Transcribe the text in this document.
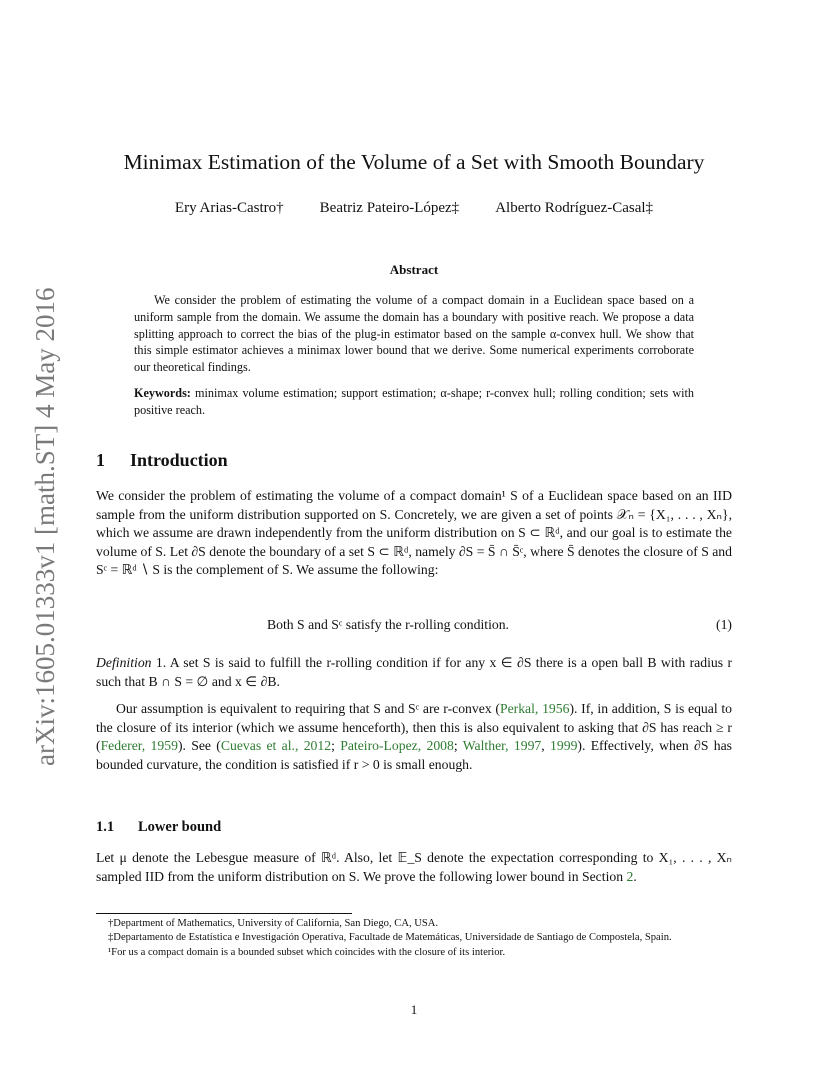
arXiv:1605.01333v1 [math.ST] 4 May 2016
Minimax Estimation of the Volume of a Set with Smooth Boundary
Ery Arias-Castro† Beatriz Pateiro-López‡ Alberto Rodríguez-Casal‡
Abstract
We consider the problem of estimating the volume of a compact domain in a Euclidean space based on a uniform sample from the domain. We assume the domain has a boundary with positive reach. We propose a data splitting approach to correct the bias of the plug-in estimator based on the sample α-convex hull. We show that this simple estimator achieves a minimax lower bound that we derive. Some numerical experiments corroborate our theoretical findings.
Keywords: minimax volume estimation; support estimation; α-shape; r-convex hull; rolling condition; sets with positive reach.
1 Introduction
We consider the problem of estimating the volume of a compact domain¹ S of a Euclidean space based on an IID sample from the uniform distribution supported on S. Concretely, we are given a set of points 𝒳ₙ = {X₁, . . . , Xₙ}, which we assume are drawn independently from the uniform distribution on S ⊂ ℝᵈ, and our goal is to estimate the volume of S. Let ∂S denote the boundary of a set S ⊂ ℝᵈ, namely ∂S = S̄ ∩ S̄ᶜ, where S̄ denotes the closure of S and Sᶜ = ℝᵈ ∖ S is the complement of S. We assume the following:
Both S and Sᶜ satisfy the r-rolling condition.	(1)
Definition 1. A set S is said to fulfill the r-rolling condition if for any x ∈ ∂S there is a open ball B with radius r such that B ∩ S = ∅ and x ∈ ∂B.
Our assumption is equivalent to requiring that S and Sᶜ are r-convex (Perkal, 1956). If, in addition, S is equal to the closure of its interior (which we assume henceforth), then this is also equivalent to asking that ∂S has reach ≥ r (Federer, 1959). See (Cuevas et al., 2012; Pateiro-Lopez, 2008; Walther, 1997, 1999). Effectively, when ∂S has bounded curvature, the condition is satisfied if r > 0 is small enough.
1.1 Lower bound
Let μ denote the Lebesgue measure of ℝᵈ. Also, let 𝔼_S denote the expectation corresponding to X₁, . . . , Xₙ sampled IID from the uniform distribution on S. We prove the following lower bound in Section 2.

†Department of Mathematics, University of California, San Diego, CA, USA.

‡Departamento de Estatística e Investigación Operativa, Facultade de Matemáticas, Universidade de Santiago de Compostela, Spain.

¹For us a compact domain is a bounded subset which coincides with the closure of its interior.

1
